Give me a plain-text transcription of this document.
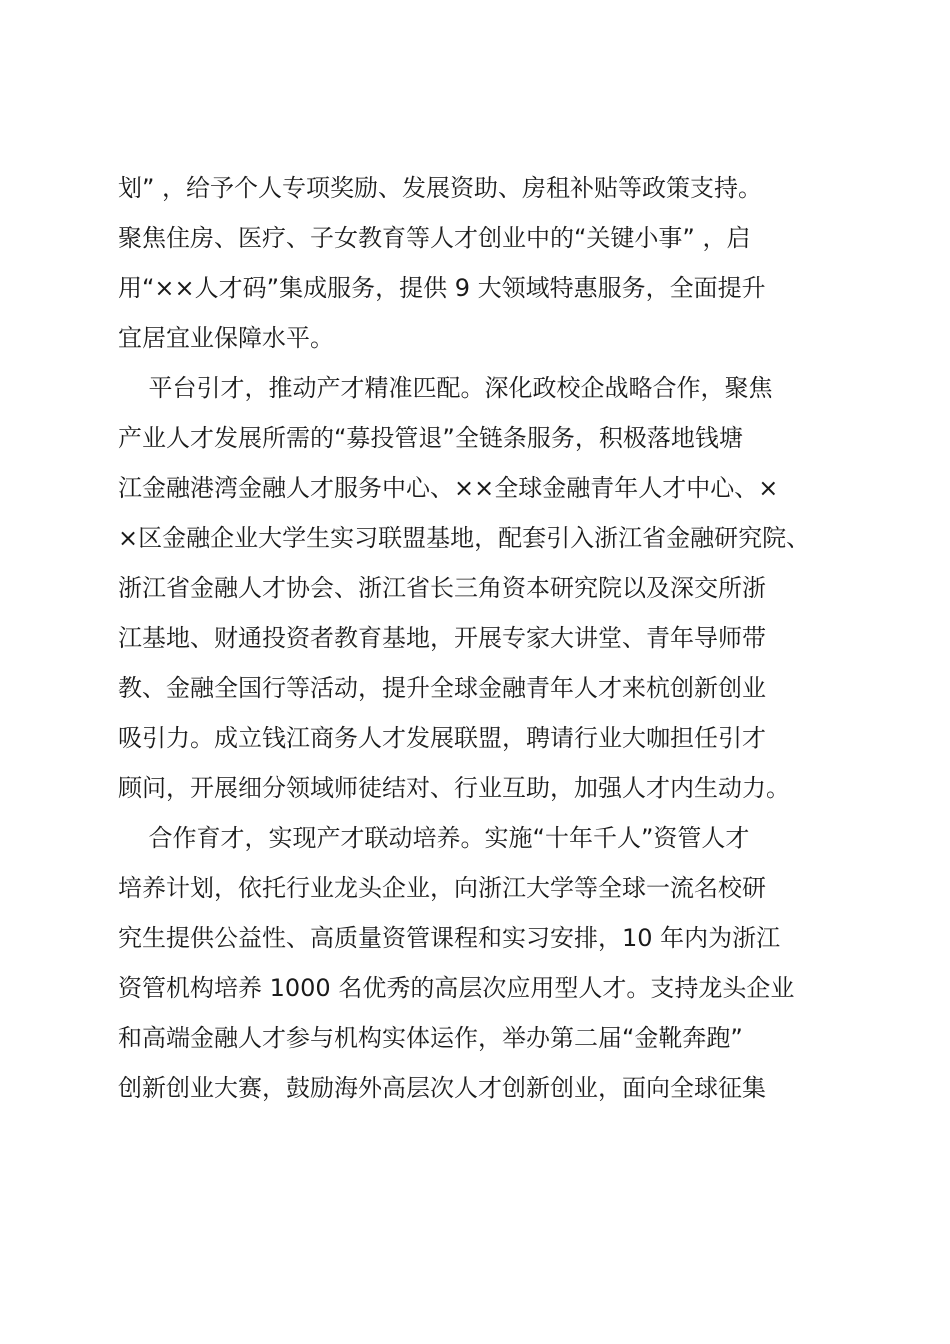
划” ，给予个人专项奖励、发展资助、房租补贴等政策支持。
聚焦住房、医疗、子女教育等人才创业中的“关键小事” ，启
用“××人才码”集成服务，提供 9 大领域特惠服务，全面提升
宜居宜业保障水平。
平台引才，推动产才精准匹配。深化政校企战略合作，聚焦
产业人才发展所需的“募投管退”全链条服务，积极落地钱塘
江金融港湾金融人才服务中心、××全球金融青年人才中心、×
×区金融企业大学生实习联盟基地，配套引入浙江省金融研究院、
浙江省金融人才协会、浙江省长三角资本研究院以及深交所浙
江基地、财通投资者教育基地，开展专家大讲堂、青年导师带
教、金融全国行等活动，提升全球金融青年人才来杭创新创业
吸引力。成立钱江商务人才发展联盟，聘请行业大咖担任引才
顾问，开展细分领域师徒结对、行业互助，加强人才内生动力。
合作育才，实现产才联动培养。实施“十年千人”资管人才
培养计划，依托行业龙头企业，向浙江大学等全球一流名校研
究生提供公益性、高质量资管课程和实习安排，10 年内为浙江
资管机构培养 1000 名优秀的高层次应用型人才。支持龙头企业
和高端金融人才参与机构实体运作，举办第二届“金靴奔跑”
创新创业大赛，鼓励海外高层次人才创新创业，面向全球征集
